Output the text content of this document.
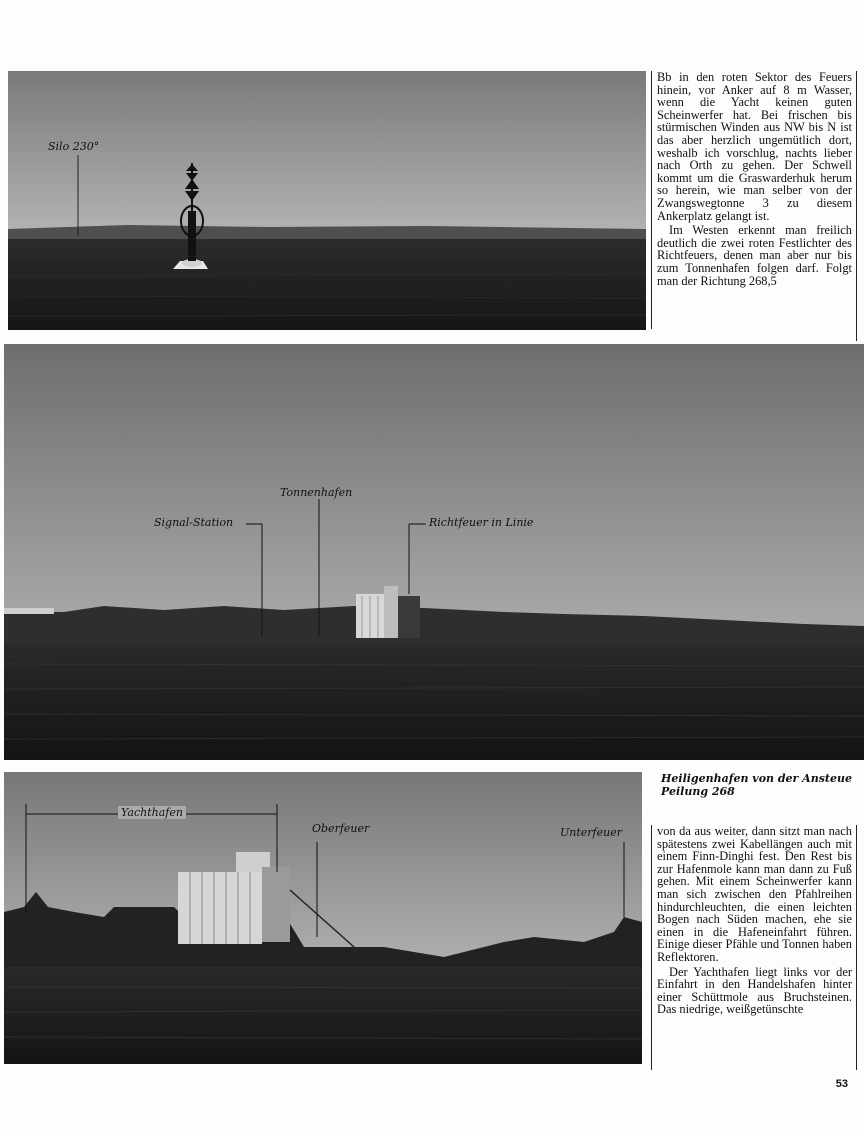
Silo 230°

Bb in den roten Sektor des Feuers hinein, vor Anker auf 8 m Wasser, wenn die Yacht keinen guten Scheinwerfer hat. Bei frischen bis stürmischen Winden aus NW bis N ist das aber herzlich ungemütlich dort, weshalb ich vorschlug, nachts lieber nach Orth zu gehen. Der Schwell kommt um die Graswarderhuk herum so herein, wie man selber von der Zwangswegtonne 3 zu diesem Ankerplatz gelangt ist.

Im Westen erkennt man freilich deutlich die zwei roten Festlichter des Richtfeuers, denen man aber nur bis zum Tonnenhafen folgen darf. Folgt man der Richtung 268,5

Signal-Station
Tonnenhafen
Richtfeuer in Linie
Yachthafen
Oberfeuer	Unterfeuer
Heiligenhafen von der Ansteue
Peilung 268

von da aus weiter, dann sitzt man nach spätestens zwei Kabellängen auch mit einem Finn-Dinghi fest. Den Rest bis zur Hafenmole kann man dann zu Fuß gehen. Mit einem Scheinwerfer kann man sich zwischen den Pfahlreihen hindurchleuchten, die einen leichten Bogen nach Süden machen, ehe sie einen in die Hafeneinfahrt führen. Einige dieser Pfähle und Tonnen haben Reflektoren.

Der Yachthafen liegt links vor der Einfahrt in den Handelshafen hinter einer Schüttmole aus Bruchsteinen. Das niedrige, weißgetünschte

53
